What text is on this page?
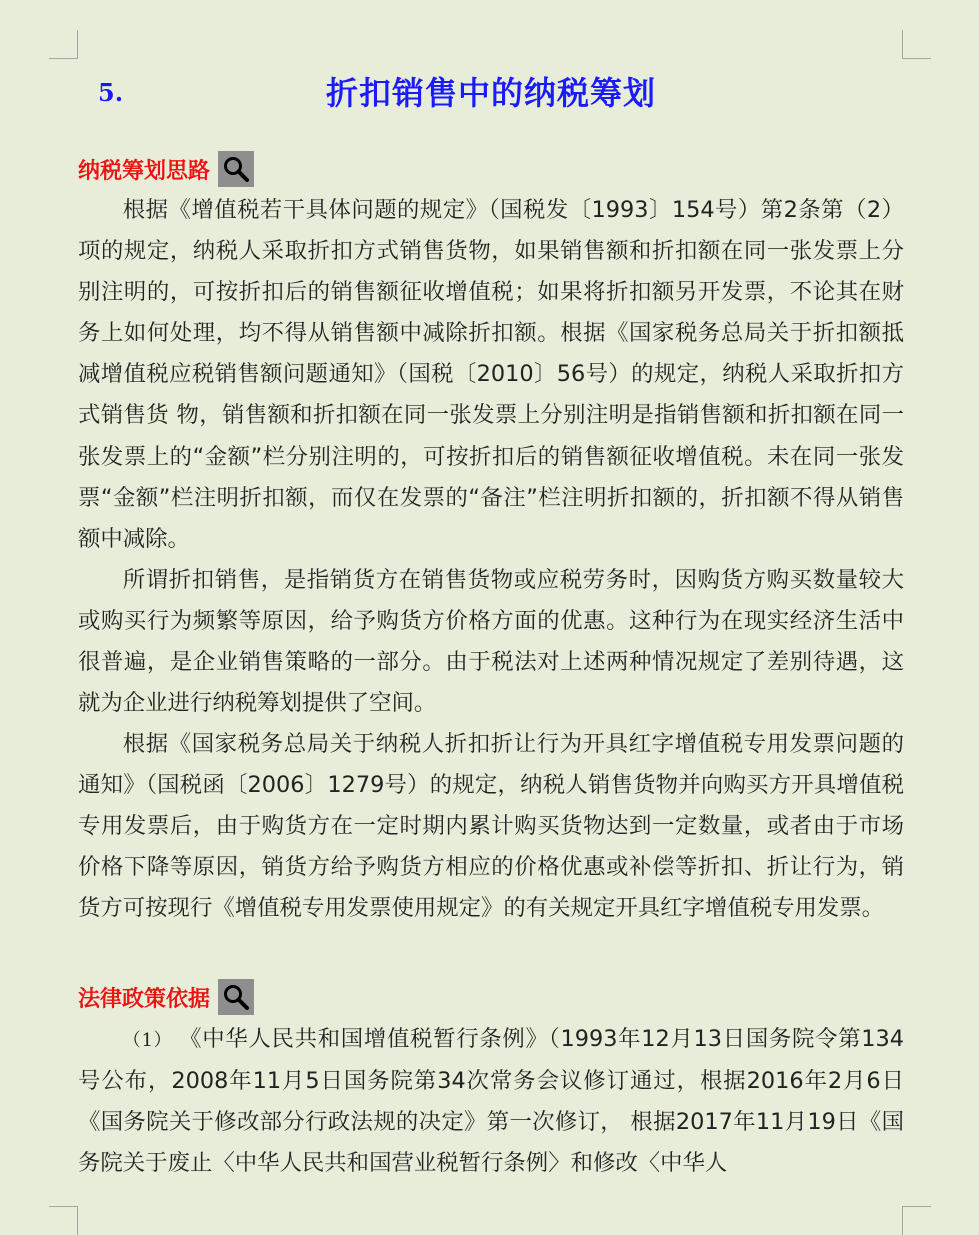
5.	折扣销售中的纳税筹划
纳税筹划思路

根据《增值税若干具体问题的规定》（国税发〔1993〕154号）第2条第（2）项的规定，纳税人采取折扣方式销售货物，如果销售额和折扣额在同一张发票上分别注明的，可按折扣后的销售额征收增值税；如果将折扣额另开发票，不论其在财务上如何处理，均不得从销售额中减除折扣额。根据《国家税务总局关于折扣额抵减增值税应税销售额问题通知》（国税〔2010〕56号）的规定，纳税人采取折扣方式销售货 物，销售额和折扣额在同一张发票上分别注明是指销售额和折扣额在同一张发票上的“金额”栏分别注明的，可按折扣后的销售额征收增值税。未在同一张发票“金额”栏注明折扣额，而仅在发票的“备注”栏注明折扣额的，折扣额不得从销售额中减除。

所谓折扣销售，是指销货方在销售货物或应税劳务时，因购货方购买数量较大或购买行为频繁等原因，给予购货方价格方面的优惠。这种行为在现实经济生活中很普遍，是企业销售策略的一部分。由于税法对上述两种情况规定了差别待遇，这就为企业进行纳税筹划提供了空间。

根据《国家税务总局关于纳税人折扣折让行为开具红字增值税专用发票问题的通知》（国税函〔2006〕1279号）的规定，纳税人销售货物并向购买方开具增值税专用发票后，由于购货方在一定时期内累计购买货物达到一定数量，或者由于市场价格下降等原因，销货方给予购货方相应的价格优惠或补偿等折扣、折让行为，销货方可按现行《增值税专用发票使用规定》的有关规定开具红字增值税专用发票。

法律政策依据

（1） 《中华人民共和国增值税暂行条例》（1993年12月13日国务院令第134号公布，2008年11月5日国务院第34次常务会议修订通过，根据2016年2月6日《国务院关于修改部分行政法规的决定》第一次修订， 根据2017年11月19日《国务院关于废止〈中华人民共和国营业税暂行条例〉和修改〈中华人
